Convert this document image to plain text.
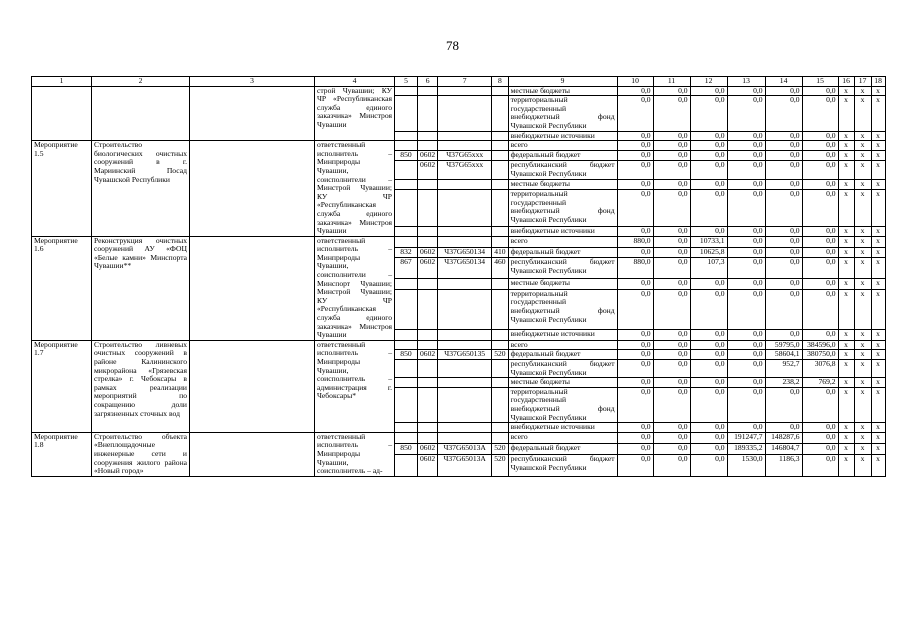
78
1	2	3	4	5	6	7	8	9	10	11	12	13	14	15	16	17	18
			строй Чувашии; КУ ЧР «Республиканская служба единого заказчика» Минстроя Чувашии					местные бюджеты	0,0	0,0	0,0	0,0	0,0	0,0	x	x	x
								территориальный государственный внебюджетный фонд Чувашской Республики	0,0	0,0	0,0	0,0	0,0	0,0	x	x	x
								внебюджетные источники	0,0	0,0	0,0	0,0	0,0	0,0	x	x	x
Мероприятие 1.5	Строительство биологических очистных сооружений в г. Мариинский Посад Чувашской Республики		ответственный исполнитель – Минприроды Чувашии, соисполнители – Минстрой Чувашии; КУ ЧР «Республиканская служба единого заказчика» Минстроя Чувашии					всего	0,0	0,0	0,0	0,0	0,0	0,0	x	x	x
				850	0602	Ч37G65ххх		федеральный бюджет	0,0	0,0	0,0	0,0	0,0	0,0	x	x	x
					0602	Ч37G65ххх		республиканский бюджет Чувашской Республики	0,0	0,0	0,0	0,0	0,0	0,0	x	x	x
								местные бюджеты	0,0	0,0	0,0	0,0	0,0	0,0	x	x	x
								территориальный государственный внебюджетный фонд Чувашской Республики	0,0	0,0	0,0	0,0	0,0	0,0	x	x	x
								внебюджетные источники	0,0	0,0	0,0	0,0	0,0	0,0	x	x	x
Мероприятие 1.6	Реконструкция очистных сооружений АУ «ФОЦ «Белые камни» Минспорта Чувашии**		ответственный исполнитель – Минприроды Чувашии, соисполнители – Минспорт Чувашии; Минстрой Чувашии; КУ ЧР «Республиканская служба единого заказчика» Минстроя Чувашии					всего	880,0	0,0	10733,1	0,0	0,0	0,0	x	x	x
				832	0602	Ч37G650134	410	федеральный бюджет	0,0	0,0	10625,8	0,0	0,0	0,0	x	x	x
				867	0602	Ч37G650134	460	республиканский бюджет Чувашской Республики	880,0	0,0	107,3	0,0	0,0	0,0	x	x	x
								местные бюджеты	0,0	0,0	0,0	0,0	0,0	0,0	x	x	x
								территориальный государственный внебюджетный фонд Чувашской Республики	0,0	0,0	0,0	0,0	0,0	0,0	x	x	x
								внебюджетные источники	0,0	0,0	0,0	0,0	0,0	0,0	x	x	x
Мероприятие 1.7	Строительство ливневых очистных сооружений в районе Калининского микрорайона «Грязевская стрелка» г. Чебоксары в рамках реализации мероприятий по сокращению доли загрязненных сточных вод		ответственный исполнитель – Минприроды Чувашии, соисполнитель – администрация г. Чебоксары*					всего	0,0	0,0	0,0	0,0	59795,0	384596,0	x	x	x
				850	0602	Ч37G650135	520	федеральный бюджет	0,0	0,0	0,0	0,0	58604,1	380750,0	x	x	x
								республиканский бюджет Чувашской Республики	0,0	0,0	0,0	0,0	952,7	3076,8	x	x	x
								местные бюджеты	0,0	0,0	0,0	0,0	238,2	769,2	x	x	x
								территориальный государственный внебюджетный фонд Чувашской Республики	0,0	0,0	0,0	0,0	0,0	0,0	x	x	x
								внебюджетные источники	0,0	0,0	0,0	0,0	0,0	0,0	x	x	x
Мероприятие 1.8	Строительство объекта «Внеплощадочные инженерные сети и сооружения жилого района «Новый город»		ответственный исполнитель – Минприроды Чувашии, соисполнитель – ад-					всего	0,0	0,0	0,0	191247,7	148287,6	0,0	x	x	x
				850	0602	Ч37G65013А	520	федеральный бюджет	0,0	0,0	0,0	189335,2	146804,7	0,0	x	x	x
					0602	Ч37G65013А	520	республиканский бюджет Чувашской Республики	0,0	0,0	0,0	1530,0	1186,3	0,0	x	x	x
